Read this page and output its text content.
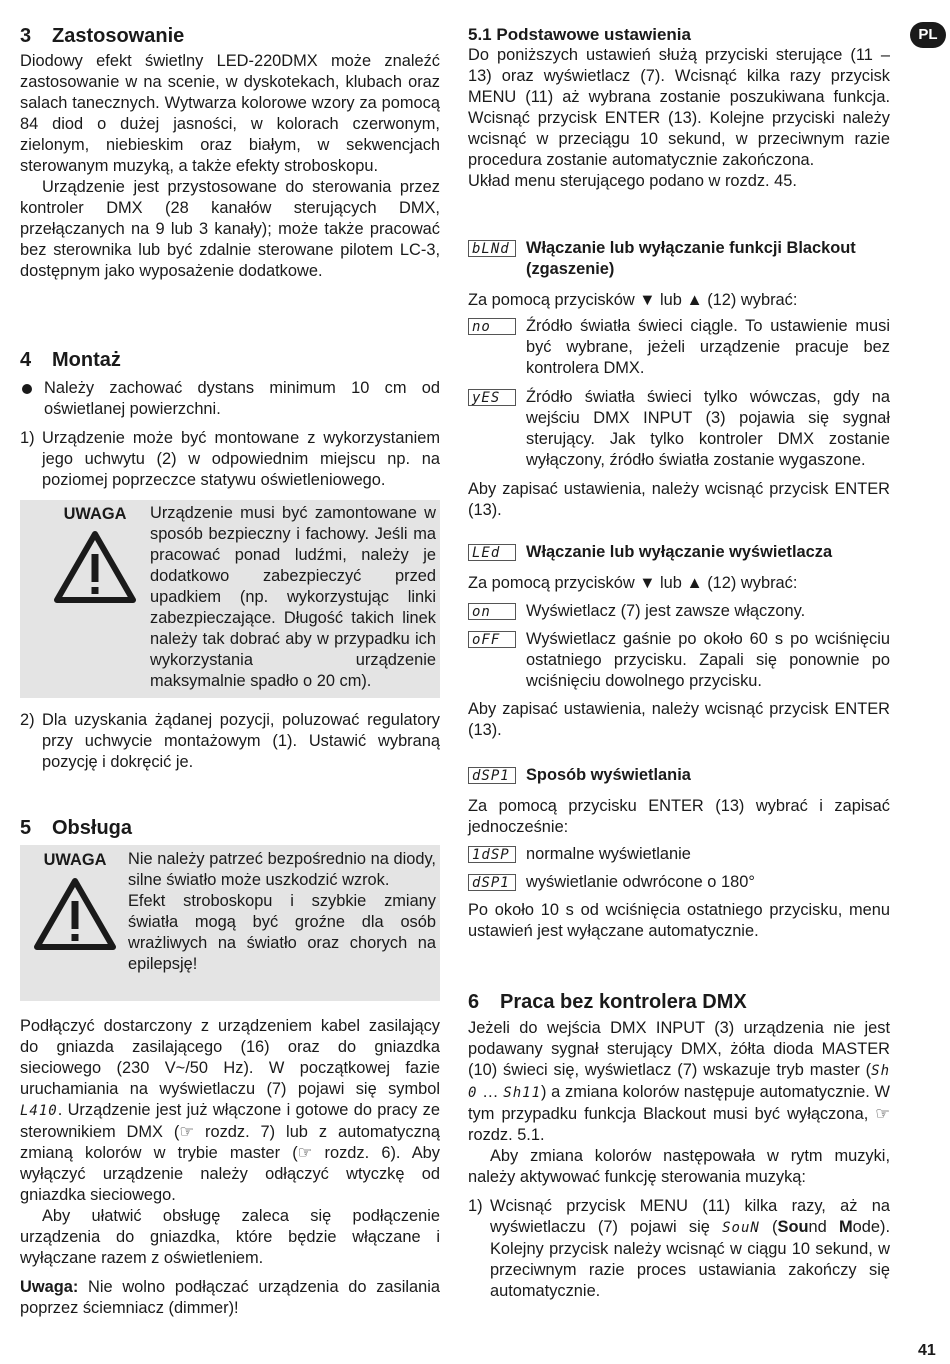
3 Zastosowanie

Diodowy efekt świetlny LED-220DMX może znaleźć zastosowanie w na scenie, w dyskotekach, klubach oraz salach tanecznych. Wytwarza kolorowe wzory za pomocą 84 diod o dużej jasności, w kolorach czerwonym, zielonym, niebieskim oraz białym, w sekwencjach sterowanym muzyką, a także efekty stroboskopu.

Urządzenie jest przystosowane do sterowania przez kontroler DMX (28 kanałów sterujących DMX, przełączanych na 9 lub 3 kanały); może także pracować bez sterownika lub być zdalnie sterowane pilotem LC-3, dostępnym jako wyposażenie dodatkowe.

4 Montaż

Należy zachować dystans minimum 10 cm od oświetlanej powierzchni.

1) Urządzenie może być montowane z wykorzystaniem jego uchwytu (2) w odpowiednim miejscu np. na poziomej poprzeczce statywu oświetleniowego.

UWAGA	Urządzenie musi być zamontowane w sposób bezpieczny i fachowy. Jeśli ma pracować ponad ludźmi, należy je dodatkowo zabezpieczyć przed upadkiem (np. wykorzystując linki zabezpieczające. Długość takich linek należy tak dobrać aby w przypadku ich wykorzystania urządzenie maksymalnie spadło o 20 cm).

2) Dla uzyskania żądanej pozycji, poluzować regulatory przy uchwycie montażowym (1). Ustawić wybraną pozycję i dokręcić je.

5 Obsługa
UWAGA	Nie należy patrzeć bezpośrednio na diody, silne światło może uszkodzić wzrok.
Efekt stroboskopu i szybkie zmiany światła mogą być groźne dla osób wrażliwych na światło oraz chorych na epilepsję!

Podłączyć dostarczony z urządzeniem kabel zasilający do gniazda zasilającego (16) oraz do gniazdka sieciowego (230 V~/50 Hz). W początkowej fazie uruchamiania na wyświetlaczu (7) pojawi się symbol L410. Urządzenie jest już włączone i gotowe do pracy ze sterownikiem DMX (☞ rozdz. 7) lub z automatyczną zmianą kolorów w trybie master (☞ rozdz. 6). Aby wyłączyć urządzenie należy odłączyć wtyczkę od gniazdka sieciowego.

Aby ułatwić obsługę zaleca się podłączenie urządzenia do gniazdka, które będzie włączane i wyłączane razem z oświetleniem.

Uwaga: Nie wolno podłączać urządzenia do zasilania poprzez ściemniacz (dimmer)!

5.1 Podstawowe ustawienia

Do poniższych ustawień służą przyciski sterujące (11 – 13) oraz wyświetlacz (7). Wcisnąć kilka razy przycisk MENU (11) aż wybrana zostanie poszukiwana funkcja. Wcisnąć przycisk ENTER (13). Kolejne przyciski należy wcisnąć w przeciągu 10 sekund, w przeciwnym razie procedura zostanie automatycznie zakończona.

Układ menu sterującego podano w rozdz. 45.

bLNd Włączanie lub wyłączanie funkcji Blackout (zgaszenie)

Za pomocą przycisków ▼ lub ▲ (12) wybrać:

no	Źródło światła świeci ciągle. To ustawienie musi być wybrane, jeżeli urządzenie pracuje bez kontrolera DMX.

yES	Źródło światła świeci tylko wówczas, gdy na wejściu DMX INPUT (3) pojawia się sygnał sterujący. Jak tylko kontroler DMX zostanie wyłączony, źródło światła zostanie wygaszone.

Aby zapisać ustawienia, należy wcisnąć przycisk ENTER (13).

LEd	Włączanie lub wyłączanie wyświetlacza

Za pomocą przycisków ▼ lub ▲ (12) wybrać:

on	Wyświetlacz (7) jest zawsze włączony.

oFF	Wyświetlacz gaśnie po około 60 s po wciśnięciu ostatniego przycisku. Zapali się ponownie po wciśnięciu dowolnego przycisku.

Aby zapisać ustawienia, należy wcisnąć przycisk ENTER (13).

dSP1 Sposób wyświetlania

Za pomocą przycisku ENTER (13) wybrać i zapisać jednocześnie:

1dSP normalne wyświetlanie

dSP1 wyświetlanie odwrócone o 180°

Po około 10 s od wciśnięcia ostatniego przycisku, menu ustawień jest wyłączane automatycznie.

6 Praca bez kontrolera DMX

Jeżeli do wejścia DMX INPUT (3) urządzenia nie jest podawany sygnał sterujący DMX, żółta dioda MASTER (10) świeci się, wyświetlacz (7) wskazuje tryb master (Sh 0 … Sh11) a zmiana kolorów następuje automatycznie. W tym przypadku funkcja Blackout musi być wyłączona, ☞ rozdz. 5.1.

Aby zmiana kolorów następowała w rytm muzyki, należy aktywować funkcję sterowania muzyką:

1) Wcisnąć przycisk MENU (11) kilka razy, aż na wyświetlaczu (7) pojawi się SouN (Sound Mode). Kolejny przycisk należy wcisnąć w ciągu 10 sekund, w przeciwnym razie proces ustawiania zakończy się automatycznie.

PL
41
